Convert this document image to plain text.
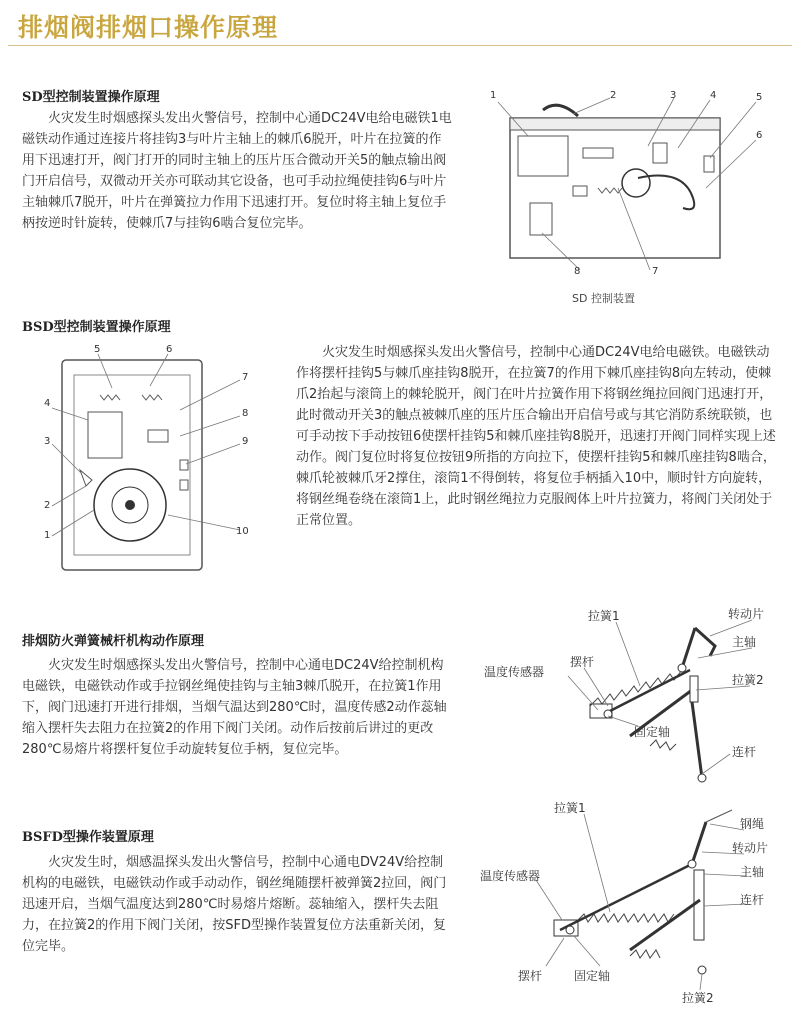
排烟阀排烟口操作原理
SD型控制装置操作原理

火灾发生时烟感探头发出火警信号，控制中心通DC24V电给电磁铁1电磁铁动作通过连接片将挂钩3与叶片主轴上的棘爪6脱开，叶片在拉簧的作用下迅速打开，阀门打开的同时主轴上的压片压合微动开关5的触点输出阀门开启信号，双微动开关亦可联动其它设备，也可手动拉绳使挂钩6与叶片主轴棘爪7脱开，叶片在弹簧拉力作用下迅速打开。复位时将主轴上复位手柄按逆时针旋转，使棘爪7与挂钩6啮合复位完毕。

1	2	3	4	5
6
7
8
SD 控制装置
BSD型控制装置操作原理

火灾发生时烟感探头发出火警信号，控制中心通DC24V电给电磁铁。电磁铁动作将摆杆挂钩5与棘爪座挂钩8脱开，在拉簧7的作用下棘爪座挂钩8向左转动，使棘爪2抬起与滚筒上的棘轮脱开，阀门在叶片拉簧作用下将钢丝绳拉回阀门迅速打开，此时微动开关3的触点被棘爪座的压片压合输出开启信号或与其它消防系统联锁，也可手动按下手动按钮6使摆杆挂钩5和棘爪座挂钩8脱开，迅速打开阀门同样实现上述动作。阀门复位时将复位按钮9所指的方向拉下，使摆杆挂钩5和棘爪座挂钩8啮合，棘爪轮被棘爪牙2撑住，滚筒1不得倒转，将复位手柄插入10中，顺时针方向旋转，将钢丝绳卷绕在滚筒1上，此时钢丝绳拉力克服阀体上叶片拉簧力，将阀门关闭处于正常位置。

5	6
7
8
9
10
4
3
2
1
排烟防火弹簧械杆机构动作原理

火灾发生时烟感探头发出火警信号，控制中心通电DC24V给控制机构电磁铁，电磁铁动作或手拉钢丝绳使挂钩与主轴3棘爪脱开，在拉簧1作用下，阀门迅速打开进行排烟，当烟气温达到280℃时，温度传感2动作蕊轴缩入摆杆失去阻力在拉簧2的作用下阀门关闭。动作后按前后讲过的更改280℃易熔片将摆杆复位手动旋转复位手柄，复位完毕。

拉簧1	转动片
主轴
摆杆
温度传感器
拉簧2
固定轴
连杆
BSFD型操作装置原理

火灾发生时，烟感温探头发出火警信号，控制中心通电DV24V给控制机构的电磁铁，电磁铁动作或手动动作，钢丝绳随摆杆被弹簧2拉回，阀门迅速开启，当烟气温度达到280℃时易熔片熔断。蕊轴缩入，摆杆失去阻力，在拉簧2的作用下阀门关闭，按SFD型操作装置复位方法重新关闭，复位完毕。

拉簧1
钢绳
转动片
主轴
温度传感器
连杆
摆杆	固定轴
拉簧2
